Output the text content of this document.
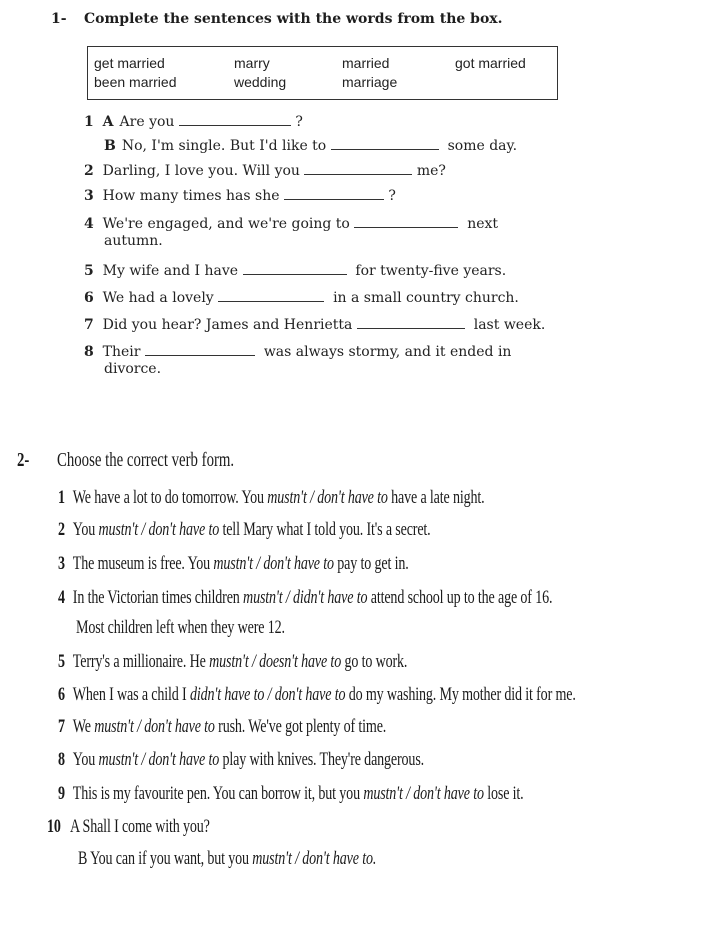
1- Complete the sentences with the words from the box.
get married	marry	married	got married
been married	wedding	marriage
1 A Are you	?
B No, I'm single. But I'd like to	some day.
2 Darling, I love you. Will you	me?
3 How many times has she	?
4 We're engaged, and we're going to	next
autumn.
5 My wife and I have	for twenty-five years.
6 We had a lovely	in a small country church.
7 Did you hear? James and Henrietta	last week.
8 Their	was always stormy, and it ended in
divorce.
2- Choose the correct verb form.
1 We have a lot to do tomorrow. You mustn't / don't have to have a late night.
2 You mustn't / don't have to tell Mary what I told you. It's a secret.
3 The museum is free. You mustn't / don't have to pay to get in.
4 In the Victorian times children mustn't / didn't have to attend school up to the age of 16.
Most children left when they were 12.
5 Terry's a millionaire. He mustn't / doesn't have to go to work.
6 When I was a child I didn't have to / don't have to do my washing. My mother did it for me.
7 We mustn't / don't have to rush. We've got plenty of time.
8 You mustn't / don't have to play with knives. They're dangerous.
9 This is my favourite pen. You can borrow it, but you mustn't / don't have to lose it.
10 A Shall I come with you?
B You can if you want, but you mustn't / don't have to.
